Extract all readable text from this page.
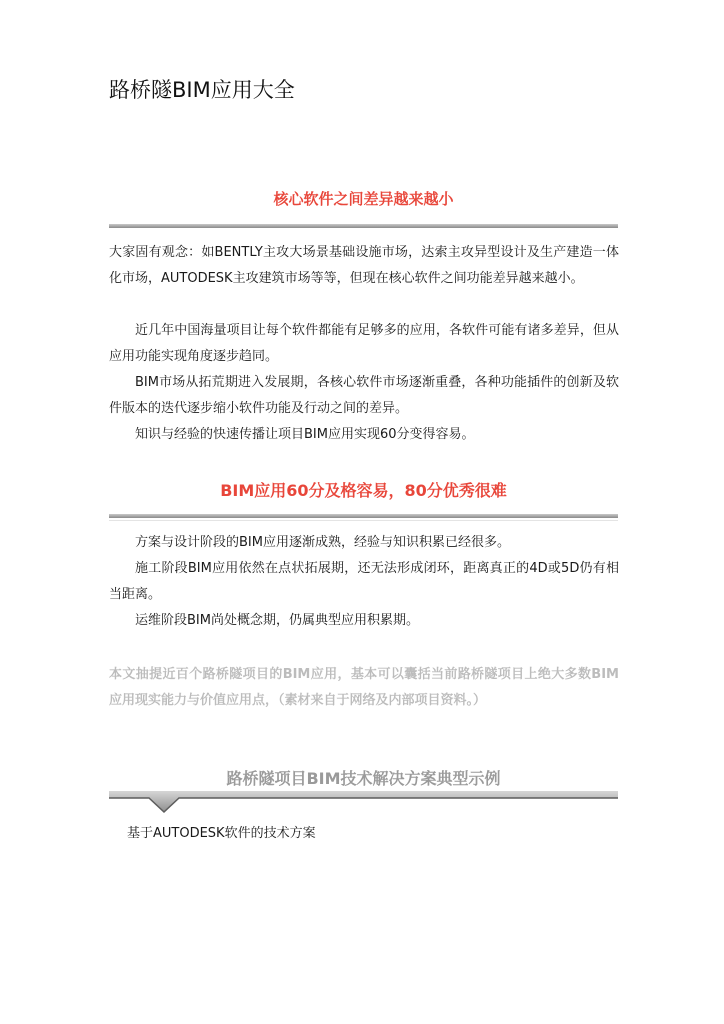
路桥隧BIM应用大全
核心软件之间差异越来越小

大家固有观念：如BENTLY主攻大场景基础设施市场，达索主攻异型设计及生产建造一体化市场，AUTODESK主攻建筑市场等等，但现在核心软件之间功能差异越来越小。

近几年中国海量项目让每个软件都能有足够多的应用，各软件可能有诸多差异，但从应用功能实现角度逐步趋同。

BIM市场从拓荒期进入发展期，各核心软件市场逐渐重叠，各种功能插件的创新及软件版本的迭代逐步缩小软件功能及行动之间的差异。

知识与经验的快速传播让项目BIM应用实现60分变得容易。

BIM应用60分及格容易，80分优秀很难

方案与设计阶段的BIM应用逐渐成熟，经验与知识积累已经很多。

施工阶段BIM应用依然在点状拓展期，还无法形成闭环，距离真正的4D或5D仍有相当距离。

运维阶段BIM尚处概念期，仍属典型应用积累期。

本文抽提近百个路桥隧项目的BIM应用，基本可以囊括当前路桥隧项目上绝大多数BIM应用现实能力与价值应用点，（素材来自于网络及内部项目资料。）

路桥隧项目BIM技术解决方案典型示例

基于AUTODESK软件的技术方案
